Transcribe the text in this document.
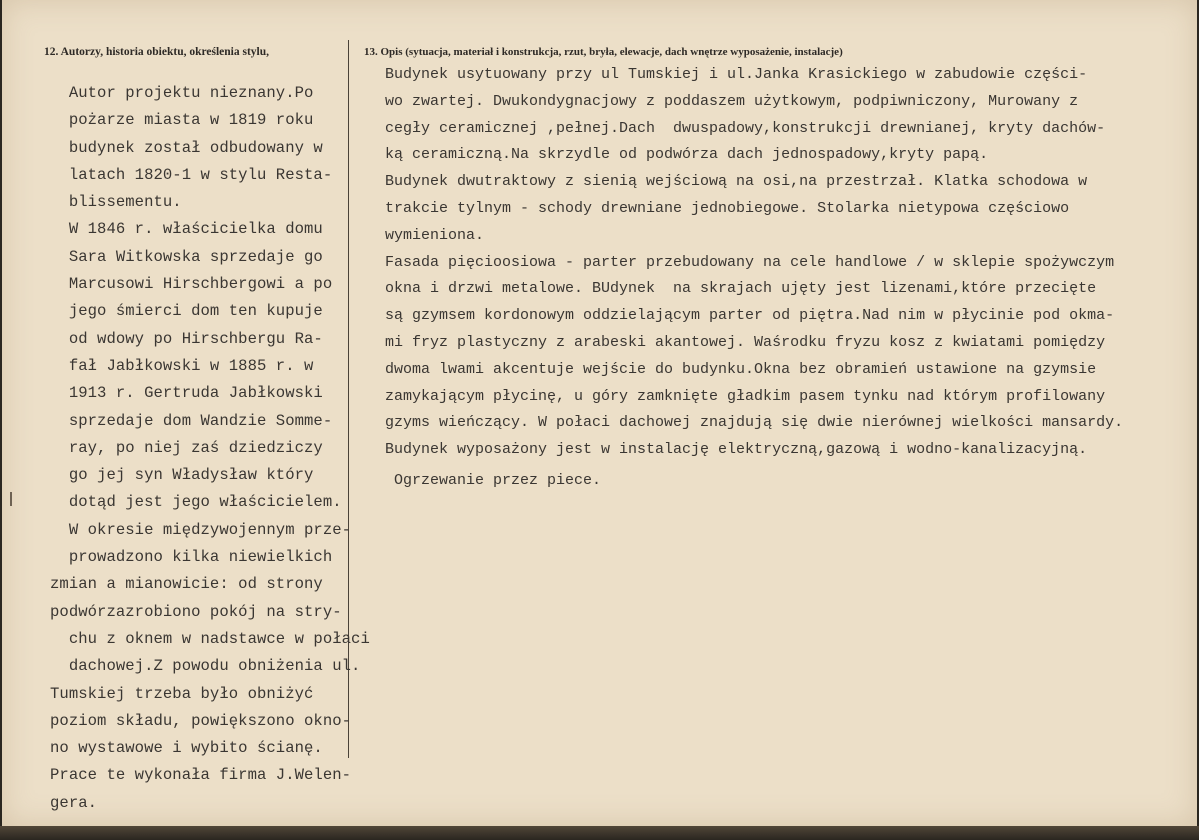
12. Autorzy, historia obiektu, określenia stylu,	13. Opis (sytuacja, materiał i konstrukcja, rzut, bryła, elewacje, dach wnętrze wyposażenie, instalacje)
Autor projektu nieznany.Po
pożarze miasta w 1819 roku
budynek został odbudowany w
latach 1820-1 w stylu Resta-
blissementu.
W 1846 r. właścicielka domu
Sara Witkowska sprzedaje go
Marcusowi Hirschbergowi a po
jego śmierci dom ten kupuje
od wdowy po Hirschbergu Ra-
fał Jabłkowski w 1885 r. w
1913 r. Gertruda Jabłkowski
sprzedaje dom Wandzie Somme-
ray, po niej zaś dziedziczy
go jej syn Władysław który
dotąd jest jego właścicielem.
W okresie międzywojennym prze-
prowadzono kilka niewielkich
zmian a mianowicie: od strony
podwórzazrobiono pokój na stry-
chu z oknem w nadstawce w połaci
dachowej.Z powodu obniżenia ul.
Tumskiej trzeba było obniżyć
poziom składu, powiększono okno-
no wystawowe i wybito ścianę.
Prace te wykonała firma J.Welen-
gera.
Budynek usytuowany przy ul Tumskiej i ul.Janka Krasickiego w zabudowie części-
wo zwartej. Dwukondygnacjowy z poddaszem użytkowym, podpiwniczony, Murowany z
cegły ceramicznej ,pełnej.Dach  dwuspadowy,konstrukcji drewnianej, kryty dachów-
ką ceramiczną.Na skrzydle od podwórza dach jednospadowy,kryty papą.
Budynek dwutraktowy z sienią wejściową na osi,na przestrzał. Klatka schodowa w
trakcie tylnym - schody drewniane jednobiegowe. Stolarka nietypowa częściowo
wymieniona.
Fasada pięcioosiowa - parter przebudowany na cele handlowe / w sklepie spożywczym
okna i drzwi metalowe. BUdynek  na skrajach ujęty jest lizenami,które przecięte
są gzymsem kordonowym oddzielającym parter od piętra.Nad nim w płycinie pod okma-
mi fryz plastyczny z arabeski akantowej. Waśrodku fryzu kosz z kwiatami pomiędzy
dwoma lwami akcentuje wejście do budynku.Okna bez obramień ustawione na gzymsie
zamykającym płycinę, u góry zamknięte gładkim pasem tynku nad którym profilowany
gzyms wieńczący. W połaci dachowej znajdują się dwie nierównej wielkości mansardy.
Budynek wyposażony jest w instalację elektryczną,gazową i wodno-kanalizacyjną.
Ogrzewanie przez piece.
